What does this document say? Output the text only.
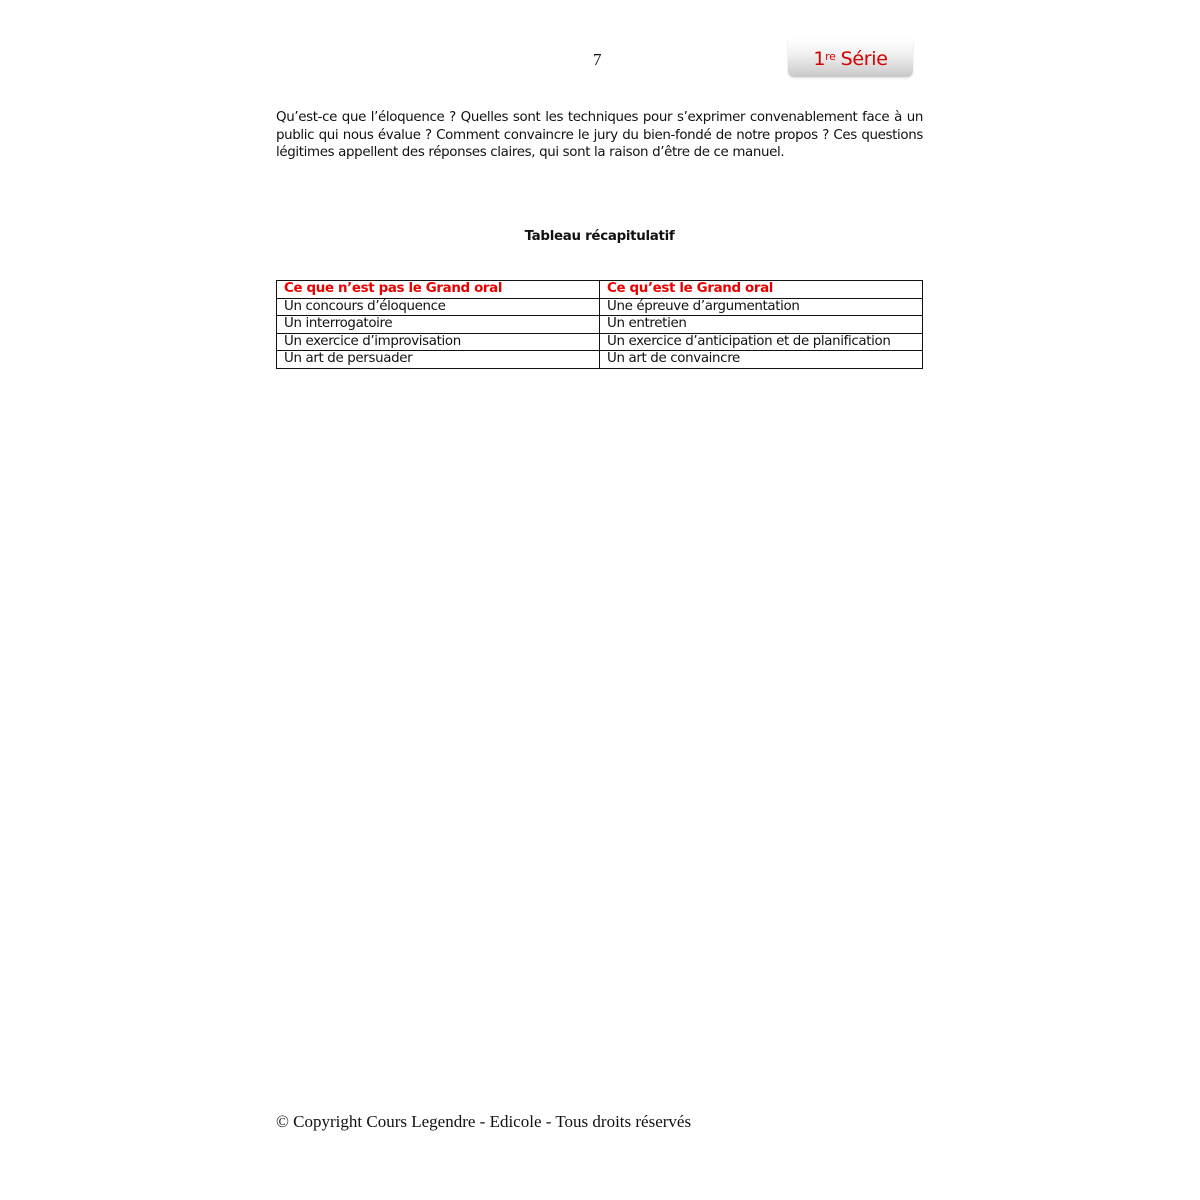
7	1re Série

Qu’est-ce que l’éloquence ? Quelles sont les techniques pour s’exprimer convenablement face à un public qui nous évalue ? Comment convaincre le jury du bien-fondé de notre propos ? Ces questions légitimes appellent des réponses claires, qui sont la raison d’être de ce manuel.

Tableau récapitulatif
Ce que n’est pas le Grand oral	Ce qu’est le Grand oral
Un concours d’éloquence	Une épreuve d’argumentation
Un interrogatoire	Un entretien
Un exercice d’improvisation	Un exercice d’anticipation et de planification
Un art de persuader	Un art de convaincre
© Copyright Cours Legendre - Edicole - Tous droits réservés
